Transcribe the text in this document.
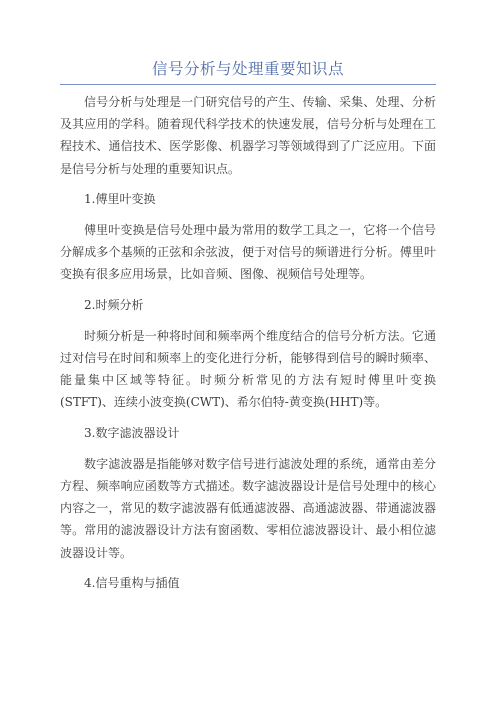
信号分析与处理重要知识点

信号分析与处理是一门研究信号的产生、传输、采集、处理、分析及其应用的学科。随着现代科学技术的快速发展，信号分析与处理在工程技术、通信技术、医学影像、机器学习等领域得到了广泛应用。下面是信号分析与处理的重要知识点。

1.傅里叶变换

傅里叶变换是信号处理中最为常用的数学工具之一，它将一个信号分解成多个基频的正弦和余弦波，便于对信号的频谱进行分析。傅里叶变换有很多应用场景，比如音频、图像、视频信号处理等。

2.时频分析

时频分析是一种将时间和频率两个维度结合的信号分析方法。它通过对信号在时间和频率上的变化进行分析，能够得到信号的瞬时频率、能量集中区域等特征。时频分析常见的方法有短时傅里叶变换(STFT)、连续小波变换(CWT)、希尔伯特-黄变换(HHT)等。

3.数字滤波器设计

数字滤波器是指能够对数字信号进行滤波处理的系统，通常由差分方程、频率响应函数等方式描述。数字滤波器设计是信号处理中的核心内容之一，常见的数字滤波器有低通滤波器、高通滤波器、带通滤波器等。常用的滤波器设计方法有窗函数、零相位滤波器设计、最小相位滤波器设计等。

4.信号重构与插值
